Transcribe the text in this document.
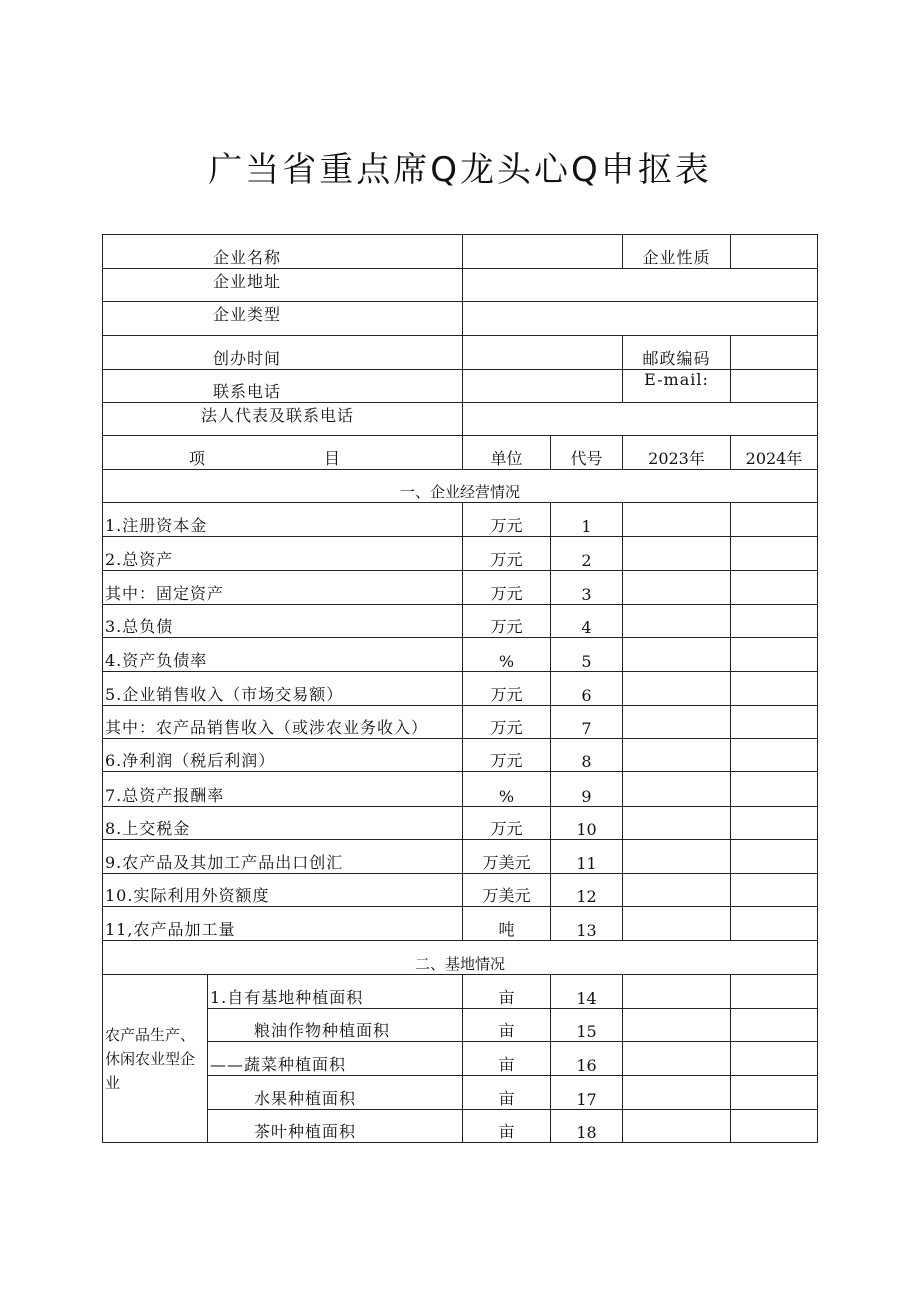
广当省重点席Q龙头心Q申抠表
企业名称				企业性质	
企业地址					
企业类型					
创办时间				邮政编码	
联系电话				E-mail:	
法人代表及联系电话					
项 目		单位	代号	2023年	2024年
一、企业经营情况					
1.注册资本金		万元	1		
2.总资产		万元	2		
其中：固定资产		万元	3		
3.总负债		万元	4		
4.资产负债率		%	5		
5.企业销售收入（市场交易额）		万元	6		
其中：农产品销售收入（或涉农业务收入）		万元	7		
6.净利润（税后利润）		万元	8		
7.总资产报酬率		%	9		
8.上交税金		万元	10		
9.农产品及其加工产品出口创汇		万美元	11		
10.实际利用外资额度		万美元	12		
11,农产品加工量		吨	13		
二、基地情况					
农产品生产、休闲农业型企业	1.自有基地种植面积	亩	14		
	粮油作物种植面积	亩	15		
	——蔬菜种植面积	亩	16		
	水果种植面积	亩	17		
	茶叶种植面积	亩	18		
